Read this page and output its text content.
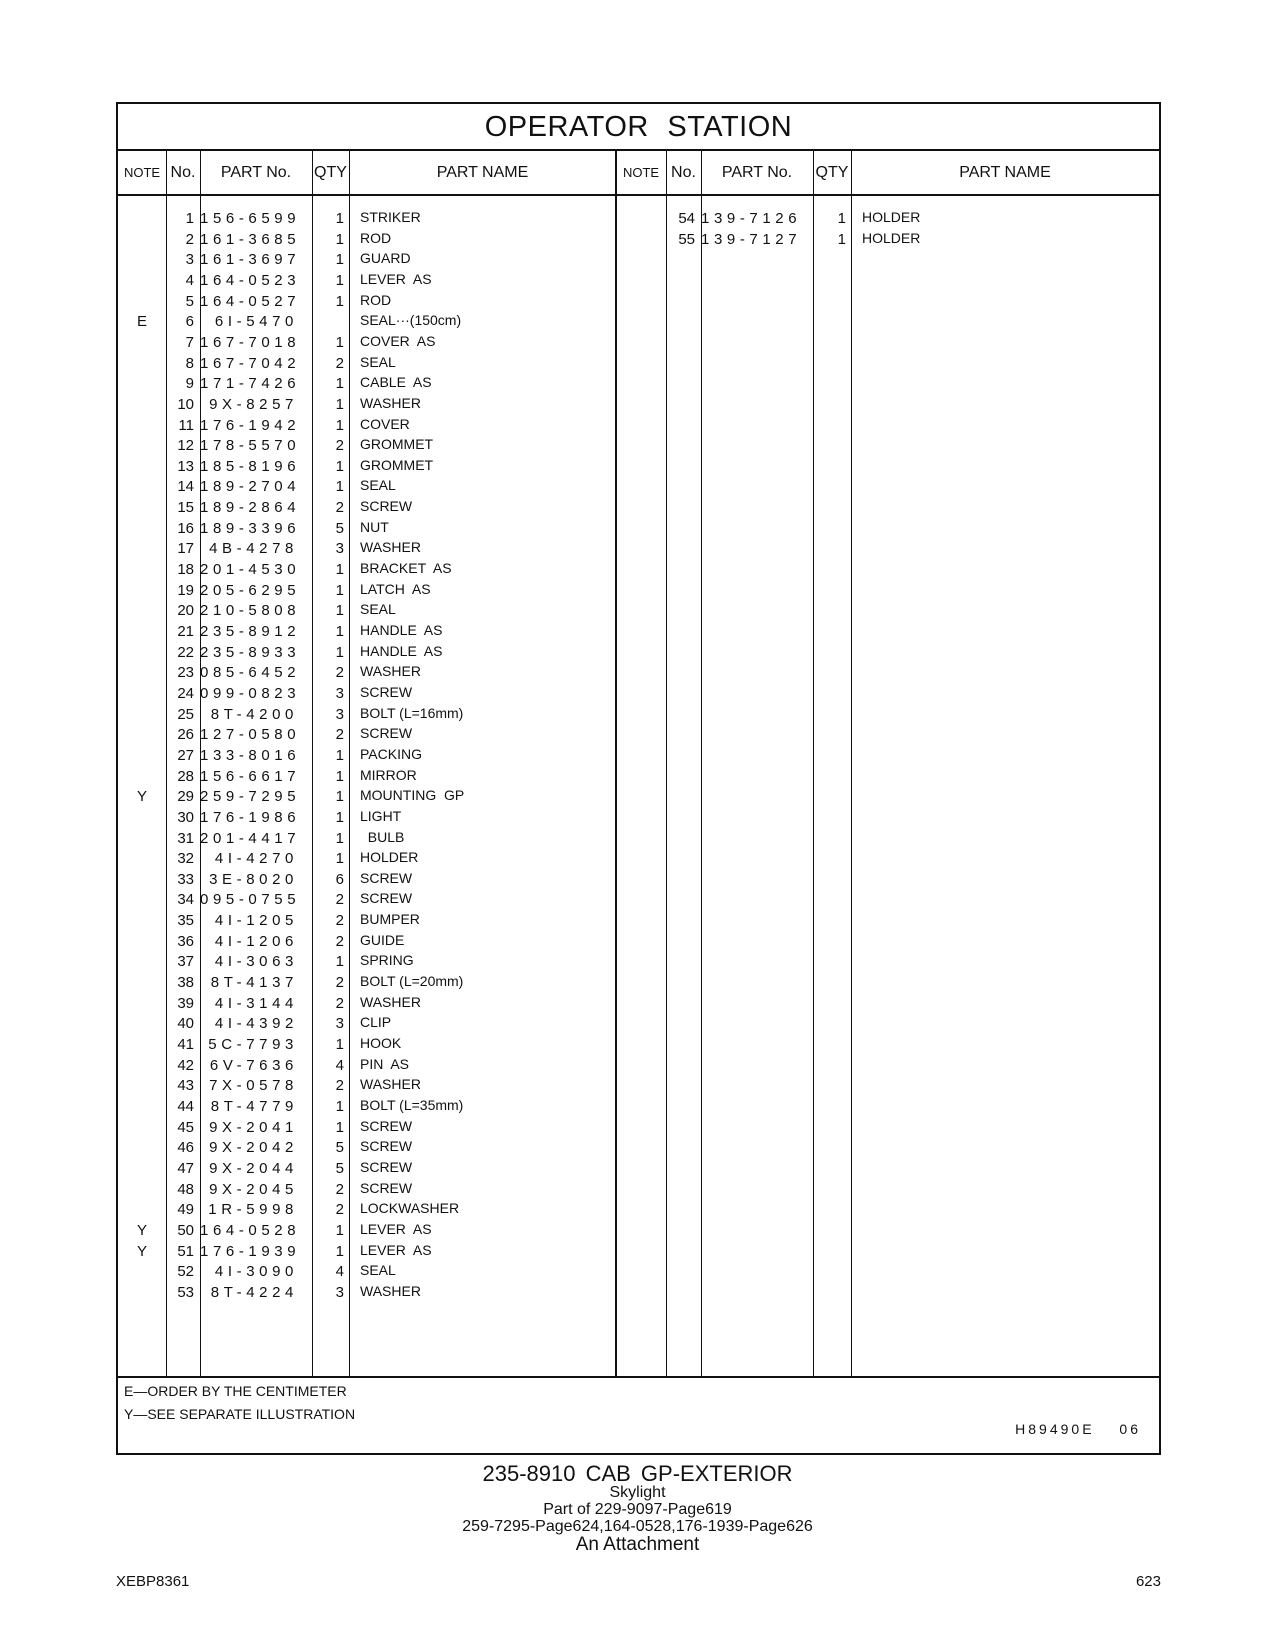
OPERATOR STATION
NOTE No.	PART No.	QTY	PART NAME	NOTE No.	PART No.	QTY	PART NAME
1 156-6599	1 STRIKER
2 161-3685	1 ROD
3 161-3697	1 GUARD
4 164-0523	1 LEVER  AS
5 164-0527	1 ROD
E	6	6I-5470	SEAL···(150cm)
7 167-7018	1 COVER  AS
8 167-7042	2 SEAL
9 171-7426	1 CABLE  AS
10	9X-8257	1 WASHER
11 176-1942	1 COVER
12 178-5570	2 GROMMET
13 185-8196	1 GROMMET
14 189-2704	1 SEAL
15 189-2864	2 SCREW
16 189-3396	5 NUT
17	4B-4278	3 WASHER
18 201-4530	1 BRACKET  AS
19 205-6295	1 LATCH  AS
20 210-5808	1 SEAL
21 235-8912	1 HANDLE  AS
22 235-8933	1 HANDLE  AS
23 085-6452	2 WASHER
24 099-0823	3 SCREW
25	8T-4200	3 BOLT (L=16mm)
26 127-0580	2 SCREW
27 133-8016	1 PACKING
28 156-6617	1 MIRROR
Y	29 259-7295	1 MOUNTING  GP
30 176-1986	1 LIGHT
31 201-4417	1 BULB
32	4I-4270	1 HOLDER
33	3E-8020	6 SCREW
34 095-0755	2 SCREW
35	4I-1205	2 BUMPER
36	4I-1206	2 GUIDE
37	4I-3063	1 SPRING
38	8T-4137	2 BOLT (L=20mm)
39	4I-3144	2 WASHER
40	4I-4392	3 CLIP
41 5C-7793	1 HOOK
42	6V-7636	4 PIN  AS
43	7X-0578	2 WASHER
44	8T-4779	1 BOLT (L=35mm)
45	9X-2041	1 SCREW
46	9X-2042	5 SCREW
47	9X-2044	5 SCREW
48	9X-2045	2 SCREW
49 1R-5998	2 LOCKWASHER
Y	50 164-0528	1 LEVER  AS
Y	51 176-1939	1 LEVER  AS
52	4I-3090	4 SEAL
53	8T-4224	3 WASHER
54 139-7126	1 HOLDER
55 139-7127	1 HOLDER
E—ORDER BY THE CENTIMETER
Y—SEE SEPARATE ILLUSTRATION
H89490E 06
235-8910 CAB GP-EXTERIOR
Skylight
Part of 229-9097-Page619
259-7295-Page624,164-0528,176-1939-Page626
An Attachment
XEBP8361	623
